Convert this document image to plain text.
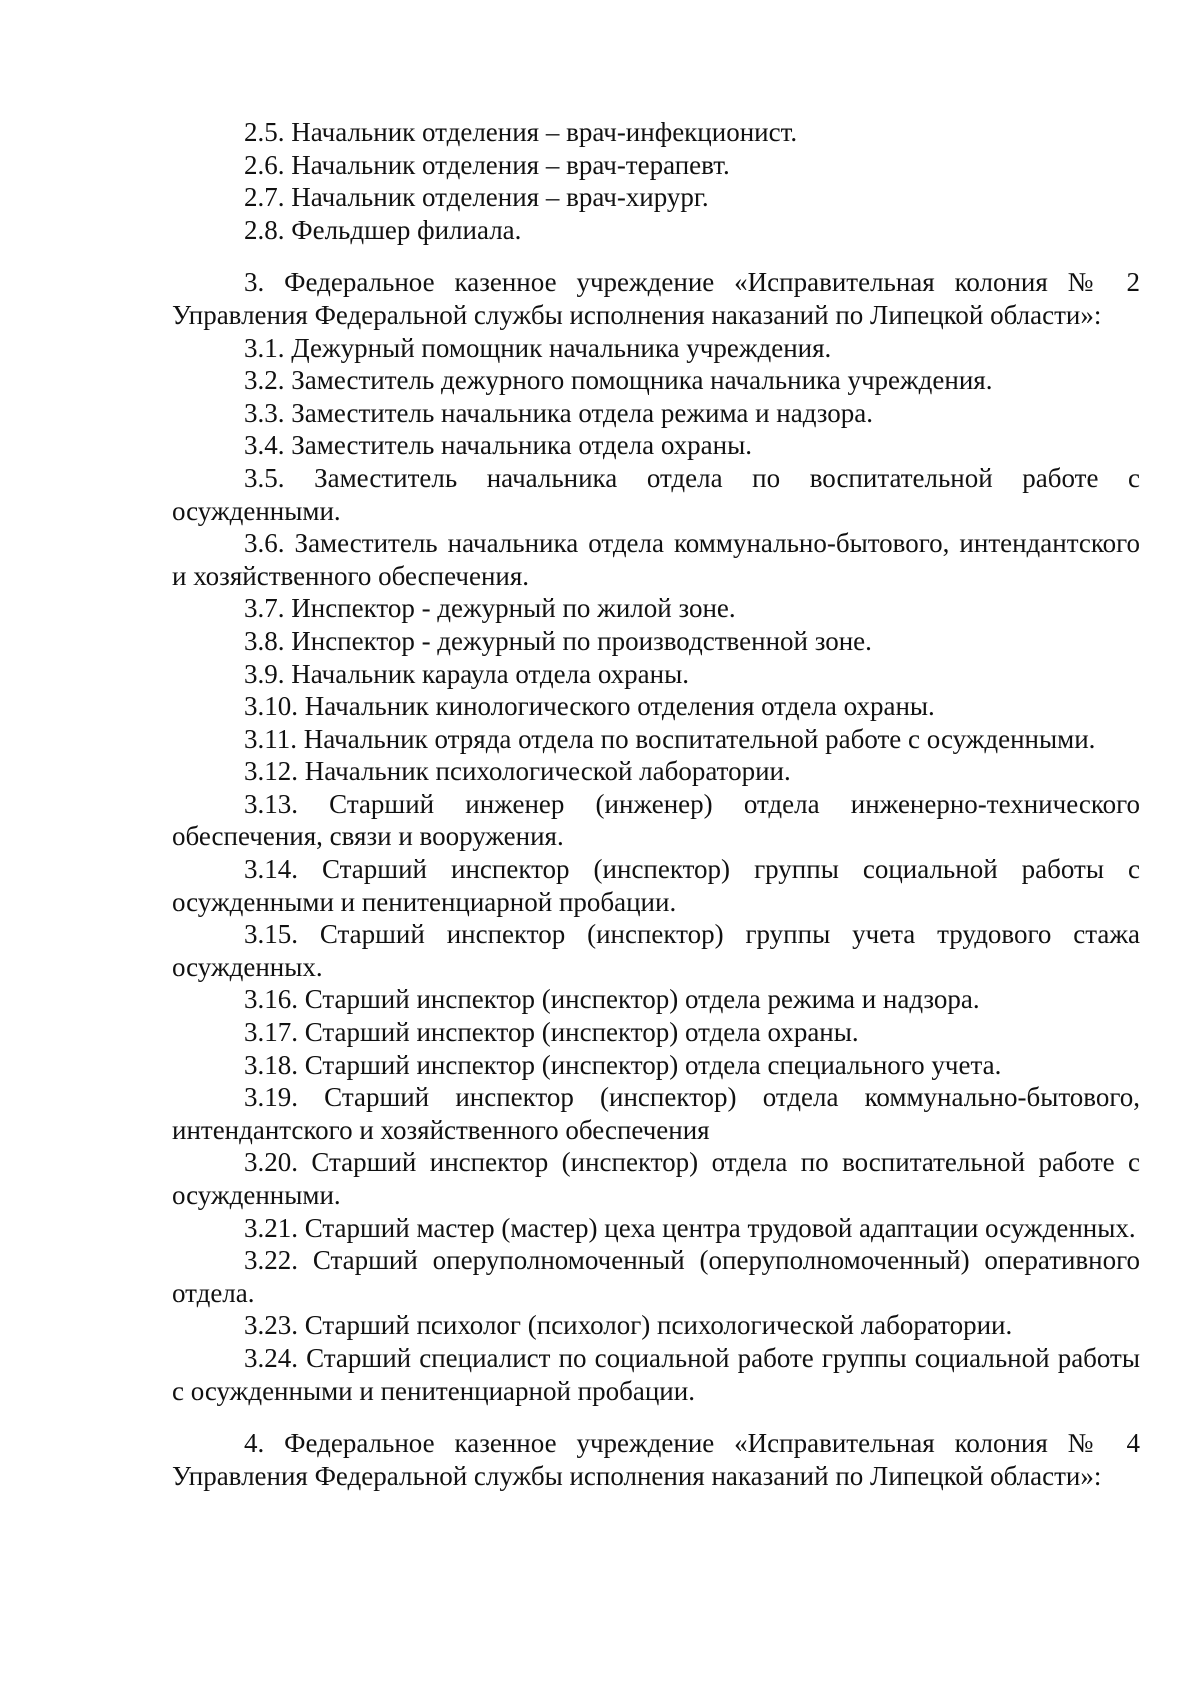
2.5. Начальник отделения – врач-инфекционист.

2.6. Начальник отделения – врач-терапевт.

2.7. Начальник отделения – врач-хирург.

2.8. Фельдшер филиала.

3. Федеральное казенное учреждение «Исправительная колония № 2 Управления Федеральной службы исполнения наказаний по Липецкой области»:

3.1. Дежурный помощник начальника учреждения.

3.2. Заместитель дежурного помощника начальника учреждения.

3.3. Заместитель начальника отдела режима и надзора.

3.4. Заместитель начальника отдела охраны.

3.5. Заместитель начальника отдела по воспитательной работе с осужденными.

3.6. Заместитель начальника отдела коммунально-бытового, интендантского и хозяйственного обеспечения.

3.7. Инспектор - дежурный по жилой зоне.

3.8. Инспектор - дежурный по производственной зоне.

3.9. Начальник караула отдела охраны.

3.10. Начальник кинологического отделения отдела охраны.

3.11. Начальник отряда отдела по воспитательной работе с осужденными.

3.12. Начальник психологической лаборатории.

3.13. Старший инженер (инженер) отдела инженерно-технического обеспечения, связи и вооружения.

3.14. Старший инспектор (инспектор) группы социальной работы с осужденными и пенитенциарной пробации.

3.15. Старший инспектор (инспектор) группы учета трудового стажа осужденных.

3.16. Старший инспектор (инспектор) отдела режима и надзора.

3.17. Старший инспектор (инспектор) отдела охраны.

3.18. Старший инспектор (инспектор) отдела специального учета.

3.19. Старший инспектор (инспектор) отдела коммунально-бытового, интендантского и хозяйственного обеспечения

3.20. Старший инспектор (инспектор) отдела по воспитательной работе с осужденными.

3.21. Старший мастер (мастер) цеха центра трудовой адаптации осужденных.

3.22. Старший оперуполномоченный (оперуполномоченный) оперативного отдела.

3.23. Старший психолог (психолог) психологической лаборатории.

3.24. Старший специалист по социальной работе группы социальной работы с осужденными и пенитенциарной пробации.

4. Федеральное казенное учреждение «Исправительная колония № 4 Управления Федеральной службы исполнения наказаний по Липецкой области»:
